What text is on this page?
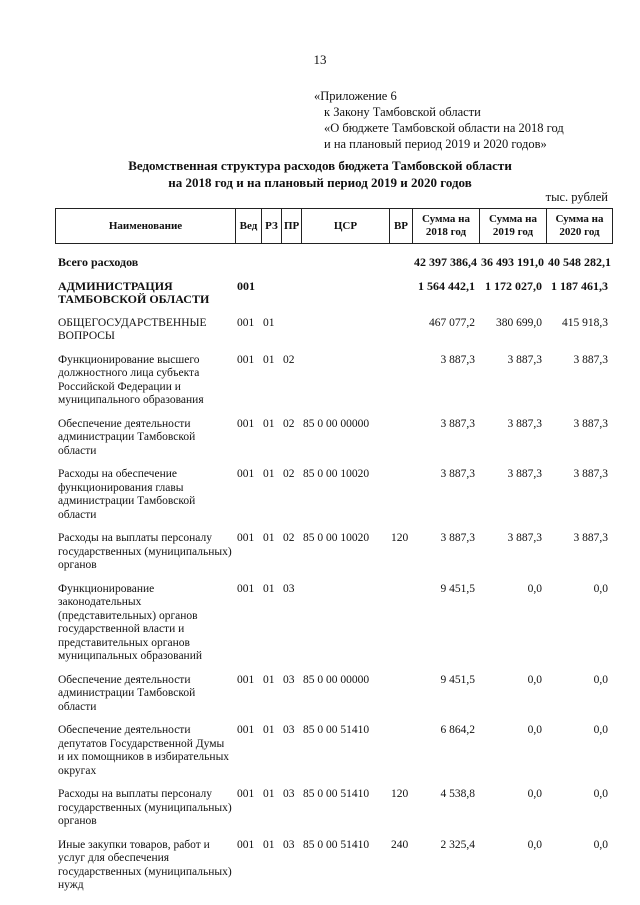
13
«Приложение 6
к Закону Тамбовской области
«О бюджете Тамбовской области на 2018 год
и на плановый период 2019 и 2020 годов»
Ведомственная структура расходов бюджета Тамбовской области
на 2018 год и на плановый период 2019 и 2020 годов
тыс. рублей
Наименование	Вед	РЗ	ПР	ЦСР	ВР	Сумма на 2018 год	Сумма на 2019 год	Сумма на 2020 год
Всего расходов						42 397 386,4	36 493 191,0	40 548 282,1
АДМИНИСТРАЦИЯ ТАМБОВСКОЙ ОБЛАСТИ	001					1 564 442,1	1 172 027,0	1 187 461,3
ОБЩЕГОСУДАРСТВЕННЫЕ ВОПРОСЫ	001	01				467 077,2	380 699,0	415 918,3
Функционирование высшего должностного лица субъекта Российской Федерации и муниципального образования	001	01	02			3 887,3	3 887,3	3 887,3
Обеспечение деятельности администрации Тамбовской области	001	01	02	85 0 00 00000		3 887,3	3 887,3	3 887,3
Расходы на обеспечение функционирования главы администрации Тамбовской области	001	01	02	85 0 00 10020		3 887,3	3 887,3	3 887,3
Расходы на выплаты персоналу государственных (муниципальных) органов	001	01	02	85 0 00 10020	120	3 887,3	3 887,3	3 887,3
Функционирование законодательных (представительных) органов государственной власти и представительных органов муниципальных образований	001	01	03			9 451,5	0,0	0,0
Обеспечение деятельности администрации Тамбовской области	001	01	03	85 0 00 00000		9 451,5	0,0	0,0
Обеспечение деятельности депутатов Государственной Думы и их помощников в избирательных округах	001	01	03	85 0 00 51410		6 864,2	0,0	0,0
Расходы на выплаты персоналу государственных (муниципальных) органов	001	01	03	85 0 00 51410	120	4 538,8	0,0	0,0
Иные закупки товаров, работ и услуг для обеспечения государственных (муниципальных) нужд	001	01	03	85 0 00 51410	240	2 325,4	0,0	0,0
